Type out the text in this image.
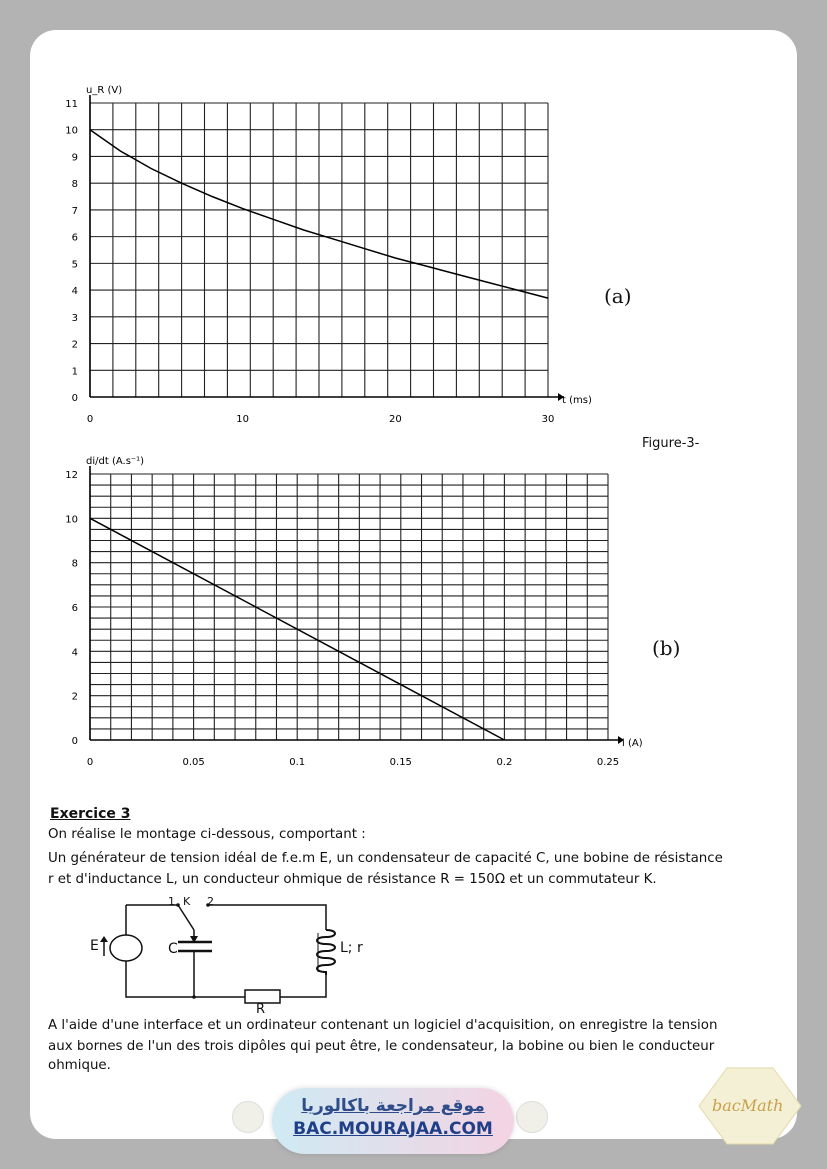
0	10	20	30
0
1
2
3
4
5
6
7
8
9
10
11
t (ms)
u_R (V)
0	0.05	0.1	0.15	0.2	0.25
0
2
4
6
8
10
12
i (A)
di/dt (A.s⁻¹)
(a)
(b)
Figure-3-
Exercice 3
On réalise le montage ci-dessous, comportant :
Un générateur de tension idéal de f.e.m E, un condensateur de capacité C, une bobine de résistance
r et d'inductance L, un conducteur ohmique de résistance R = 150Ω et un commutateur K.
E	C	L; r
R
K
1	2
A l'aide d'une interface et un ordinateur contenant un logiciel d'acquisition, on enregistre la tension
aux bornes de l'un des trois dipôles qui peut être, le condensateur, la bobine ou bien le conducteur
ohmique.
موقع مراجعة باكالوريا
BAC.MOURAJAA.COM
bacMath
